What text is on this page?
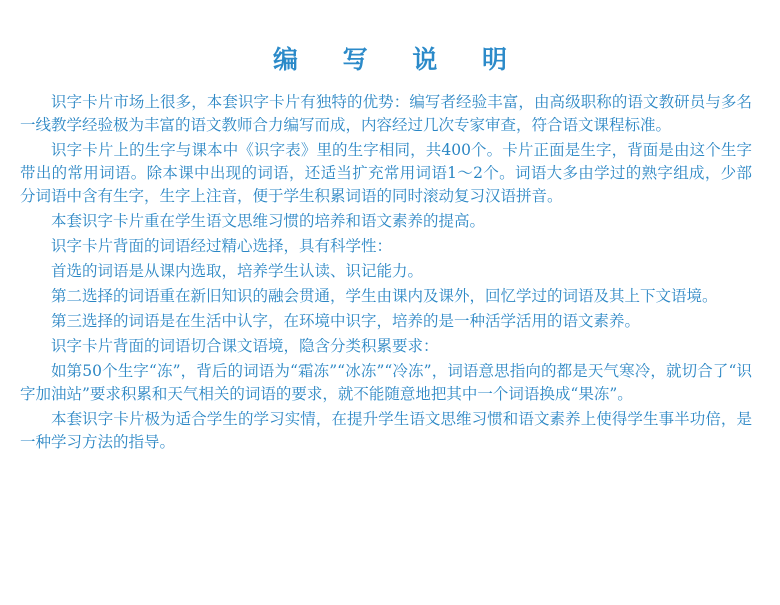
编 写 说 明

识字卡片市场上很多，本套识字卡片有独特的优势：编写者经验丰富，由高级职称的语文教研员与多名一线教学经验极为丰富的语文教师合力编写而成，内容经过几次专家审查，符合语文课程标准。

识字卡片上的生字与课本中《识字表》里的生字相同，共400个。卡片正面是生字，背面是由这个生字带出的常用词语。除本课中出现的词语，还适当扩充常用词语1～2个。词语大多由学过的熟字组成，少部分词语中含有生字，生字上注音，便于学生积累词语的同时滚动复习汉语拼音。

本套识字卡片重在学生语文思维习惯的培养和语文素养的提高。

识字卡片背面的词语经过精心选择，具有科学性：

首选的词语是从课内选取，培养学生认读、识记能力。

第二选择的词语重在新旧知识的融会贯通，学生由课内及课外，回忆学过的词语及其上下文语境。

第三选择的词语是在生活中认字，在环境中识字，培养的是一种活学活用的语文素养。

识字卡片背面的词语切合课文语境，隐含分类积累要求：

如第50个生字“冻”，背后的词语为“霜冻”“冰冻”“冷冻”，词语意思指向的都是天气寒冷，就切合了“识字加油站”要求积累和天气相关的词语的要求，就不能随意地把其中一个词语换成“果冻”。

本套识字卡片极为适合学生的学习实情，在提升学生语文思维习惯和语文素养上使得学生事半功倍，是一种学习方法的指导。
